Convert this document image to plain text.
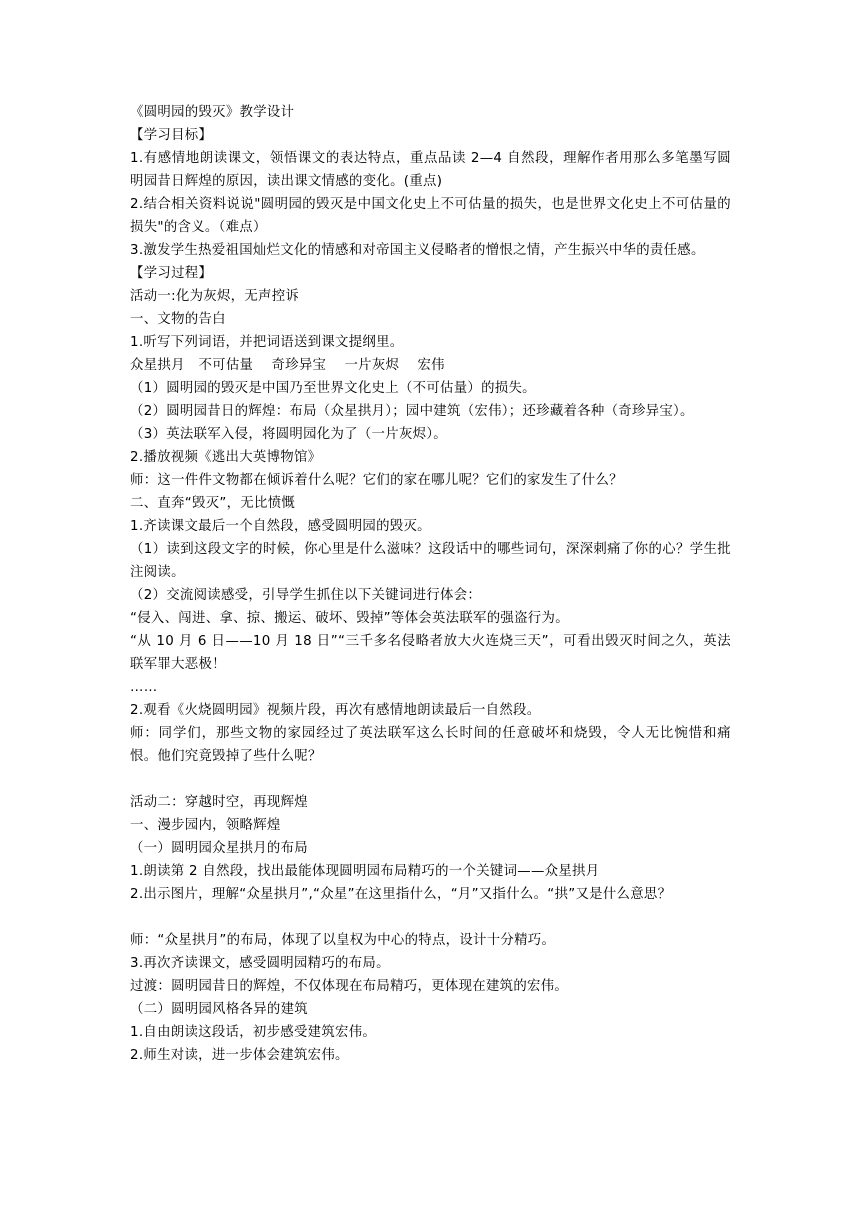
《圆明园的毁灭》教学设计
【学习目标】
1.有感情地朗读课文，领悟课文的表达特点，重点品读 2—4 自然段，理解作者用那么多笔墨写圆明园昔日辉煌的原因，读出课文情感的变化。(重点)
2.结合相关资料说说"圆明园的毁灭是中国文化史上不可估量的损失，也是世界文化史上不可估量的损失"的含义。（难点）
3.激发学生热爱祖国灿烂文化的情感和对帝国主义侵略者的憎恨之情，产生振兴中华的责任感。
【学习过程】
活动一:化为灰烬，无声控诉
一、文物的告白
1.听写下列词语，并把词语送到课文提纲里。
众星拱月　不可估量　 奇珍异宝　 一片灰烬　 宏伟
（1）圆明园的毁灭是中国乃至世界文化史上（不可估量）的损失。
（2）圆明园昔日的辉煌：布局（众星拱月）；园中建筑（宏伟）；还珍藏着各种（奇珍异宝）。
（3）英法联军入侵，将圆明园化为了（一片灰烬）。
2.播放视频《逃出大英博物馆》
师：这一件件文物都在倾诉着什么呢？它们的家在哪儿呢？它们的家发生了什么？
二、直奔“毁灭”，无比愤慨
1.齐读课文最后一个自然段，感受圆明园的毁灭。
（1）读到这段文字的时候，你心里是什么滋味？这段话中的哪些词句，深深刺痛了你的心？学生批注阅读。
（2）交流阅读感受，引导学生抓住以下关键词进行体会：
“侵入、闯进、拿、掠、搬运、破坏、毁掉”等体会英法联军的强盗行为。
“从 10 月 6 日——10 月 18 日”“三千多名侵略者放大火连烧三天”，可看出毁灭时间之久，英法联军罪大恶极！
……
2.观看《火烧圆明园》视频片段，再次有感情地朗读最后一自然段。
师：同学们，那些文物的家园经过了英法联军这么长时间的任意破坏和烧毁，令人无比惋惜和痛恨。他们究竟毁掉了些什么呢？
活动二：穿越时空，再现辉煌
一、漫步园内，领略辉煌
（一）圆明园众星拱月的布局
1.朗读第 2 自然段，找出最能体现圆明园布局精巧的一个关键词——众星拱月
2.出示图片，理解“众星拱月”,“众星”在这里指什么，“月”又指什么。“拱”又是什么意思？
师：“众星拱月”的布局，体现了以皇权为中心的特点，设计十分精巧。
3.再次齐读课文，感受圆明园精巧的布局。
过渡：圆明园昔日的辉煌，不仅体现在布局精巧，更体现在建筑的宏伟。
（二）圆明园风格各异的建筑
1.自由朗读这段话，初步感受建筑宏伟。
2.师生对读，进一步体会建筑宏伟。
